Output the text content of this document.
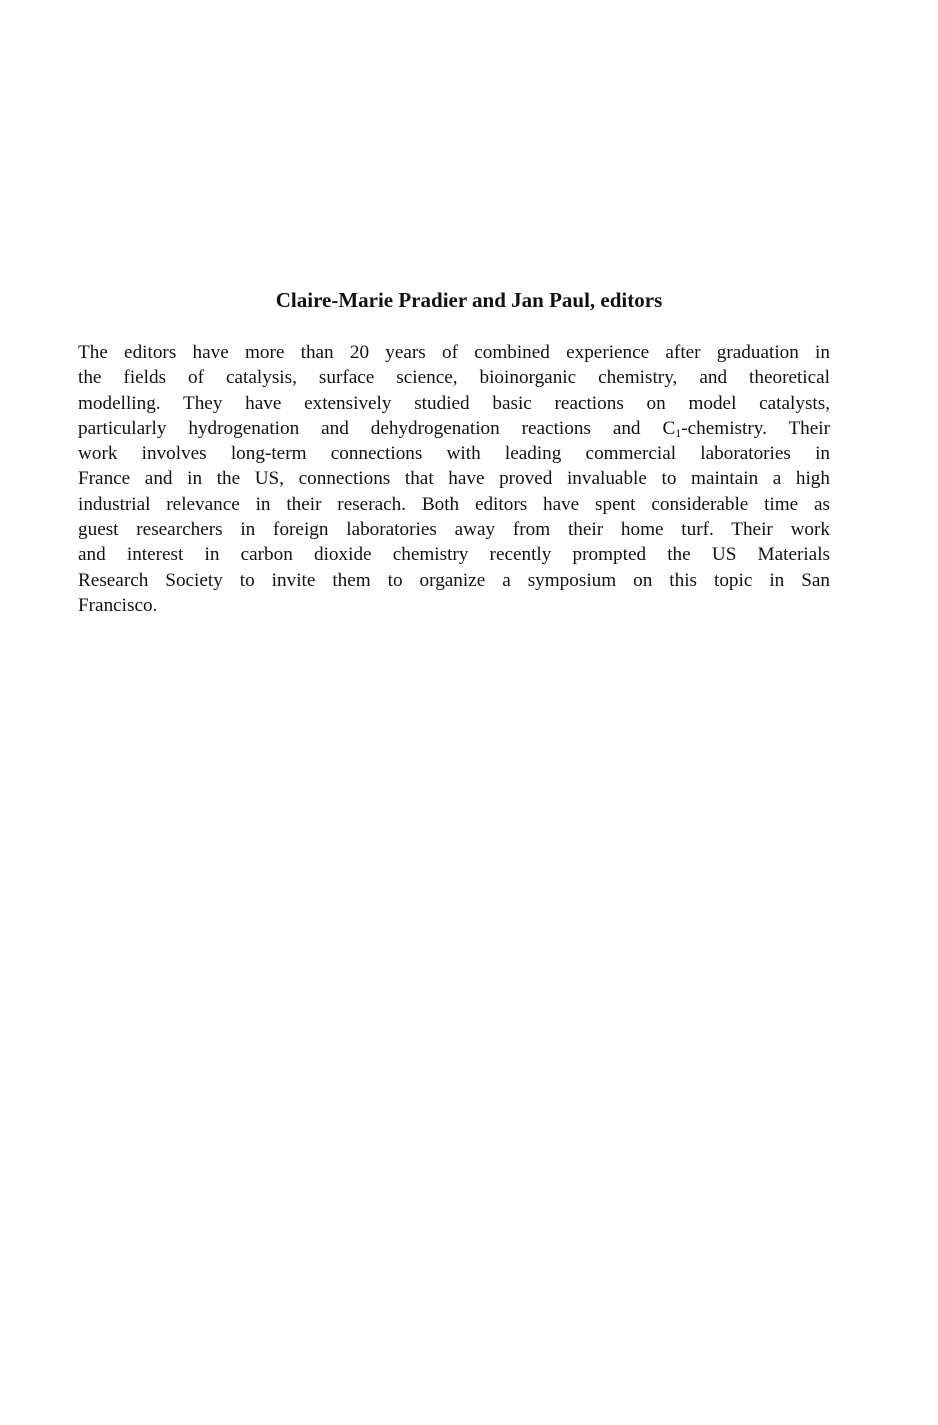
Claire-Marie Pradier and Jan Paul, editors
The editors have more than 20 years of combined experience after graduation in
the fields of catalysis, surface science, bioinorganic chemistry, and theoretical
modelling. They have extensively studied basic reactions on model catalysts,
particularly hydrogenation and dehydrogenation reactions and $C_1$-chemistry. Their
work involves long-term connections with leading commercial laboratories in
France and in the US, connections that have proved invaluable to maintain a high
industrial relevance in their reserach. Both editors have spent considerable time as
guest researchers in foreign laboratories away from their home turf. Their work
and interest in carbon dioxide chemistry recently prompted the US Materials
Research Society to invite them to organize a symposium on this topic in San
Francisco.
